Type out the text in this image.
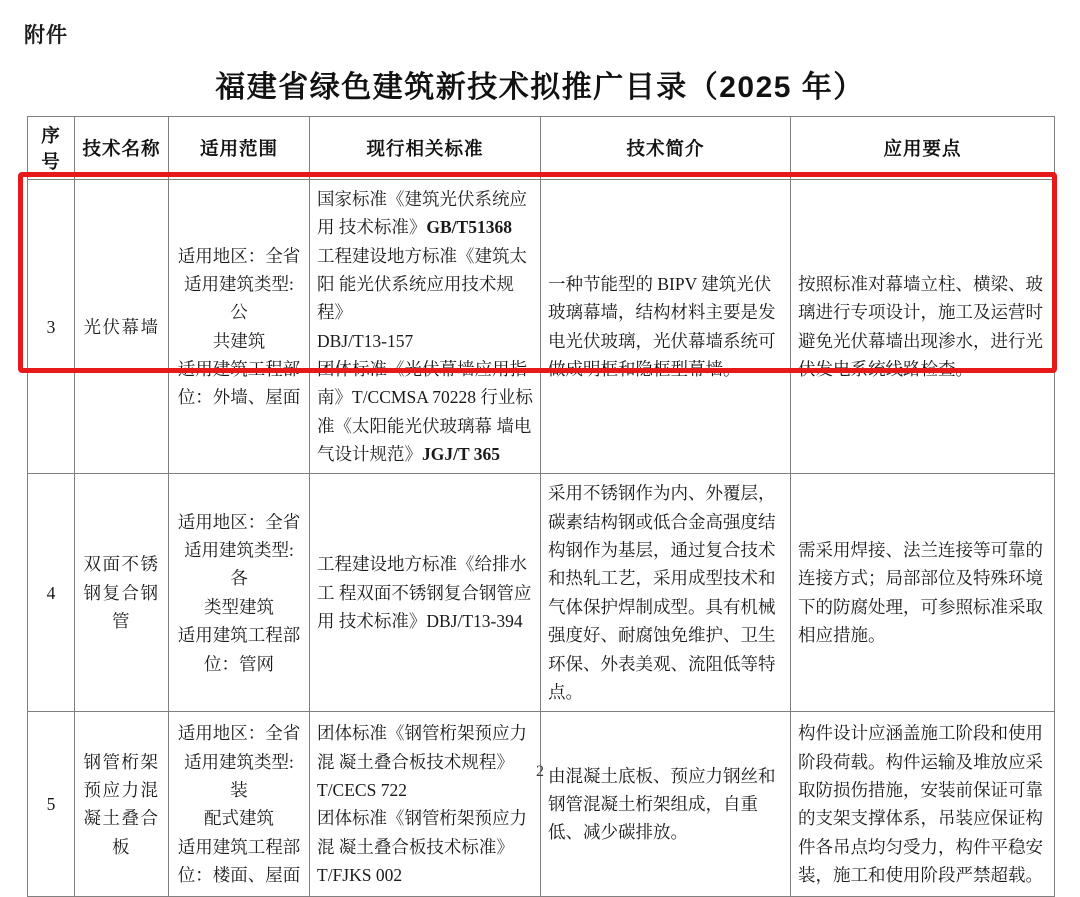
附件
福建省绿色建筑新技术拟推广目录（2025 年）
序号	技术名称	适用范围	现行相关标准	技术简介	应用要点
3	光伏幕墙	适用地区：全省
适用建筑类型: 公
共建筑
适用建筑工程部
位：外墙、屋面	国家标准《建筑光伏系统应用 技术标准》GB/T51368 工程建设地方标准《建筑太阳 能光伏系统应用技术规程》
DBJ/T13-157
团体标准《光伏幕墙应用指 南》T/CCMSA 70228 行业标准《太阳能光伏玻璃幕 墙电气设计规范》JGJ/T 365	一种节能型的 BIPV 建筑光伏玻璃幕墙，结构材料主要是发电光伏玻璃，光伏幕墙系统可做成明框和隐框型幕墙。	按照标准对幕墙立柱、横梁、玻璃进行专项设计，施工及运营时避免光伏幕墙出现渗水，进行光伏发电系统线路检查。
4	双面不锈钢复合钢管	适用地区：全省
适用建筑类型: 各
类型建筑
适用建筑工程部
位：管网	工程建设地方标准《给排水工 程双面不锈钢复合钢管应用 技术标准》DBJ/T13-394	采用不锈钢作为内、外覆层，碳素结构钢或低合金高强度结构钢作为基层，通过复合技术和热轧工艺，采用成型技术和气体保护焊制成型。具有机械强度好、耐腐蚀免维护、卫生环保、外表美观、流阻低等特点。	需采用焊接、法兰连接等可靠的连接方式；局部部位及特殊环境下的防腐处理，可参照标准采取相应措施。
5	钢管桁架预应力混凝土叠合板	适用地区：全省
适用建筑类型: 装
配式建筑
适用建筑工程部
位：楼面、屋面	团体标准《钢管桁架预应力混 凝土叠合板技术规程》
T/CECS 722
团体标准《钢管桁架预应力混 凝土叠合板技术标准》
T/FJKS 002	由混凝土底板、预应力钢丝和钢管混凝土桁架组成，自重低、减少碳排放。	构件设计应涵盖施工阶段和使用阶段荷载。构件运输及堆放应采取防损伤措施，安装前保证可靠的支架支撑体系，吊装应保证构件各吊点均匀受力，构件平稳安装，施工和使用阶段严禁超载。
2
